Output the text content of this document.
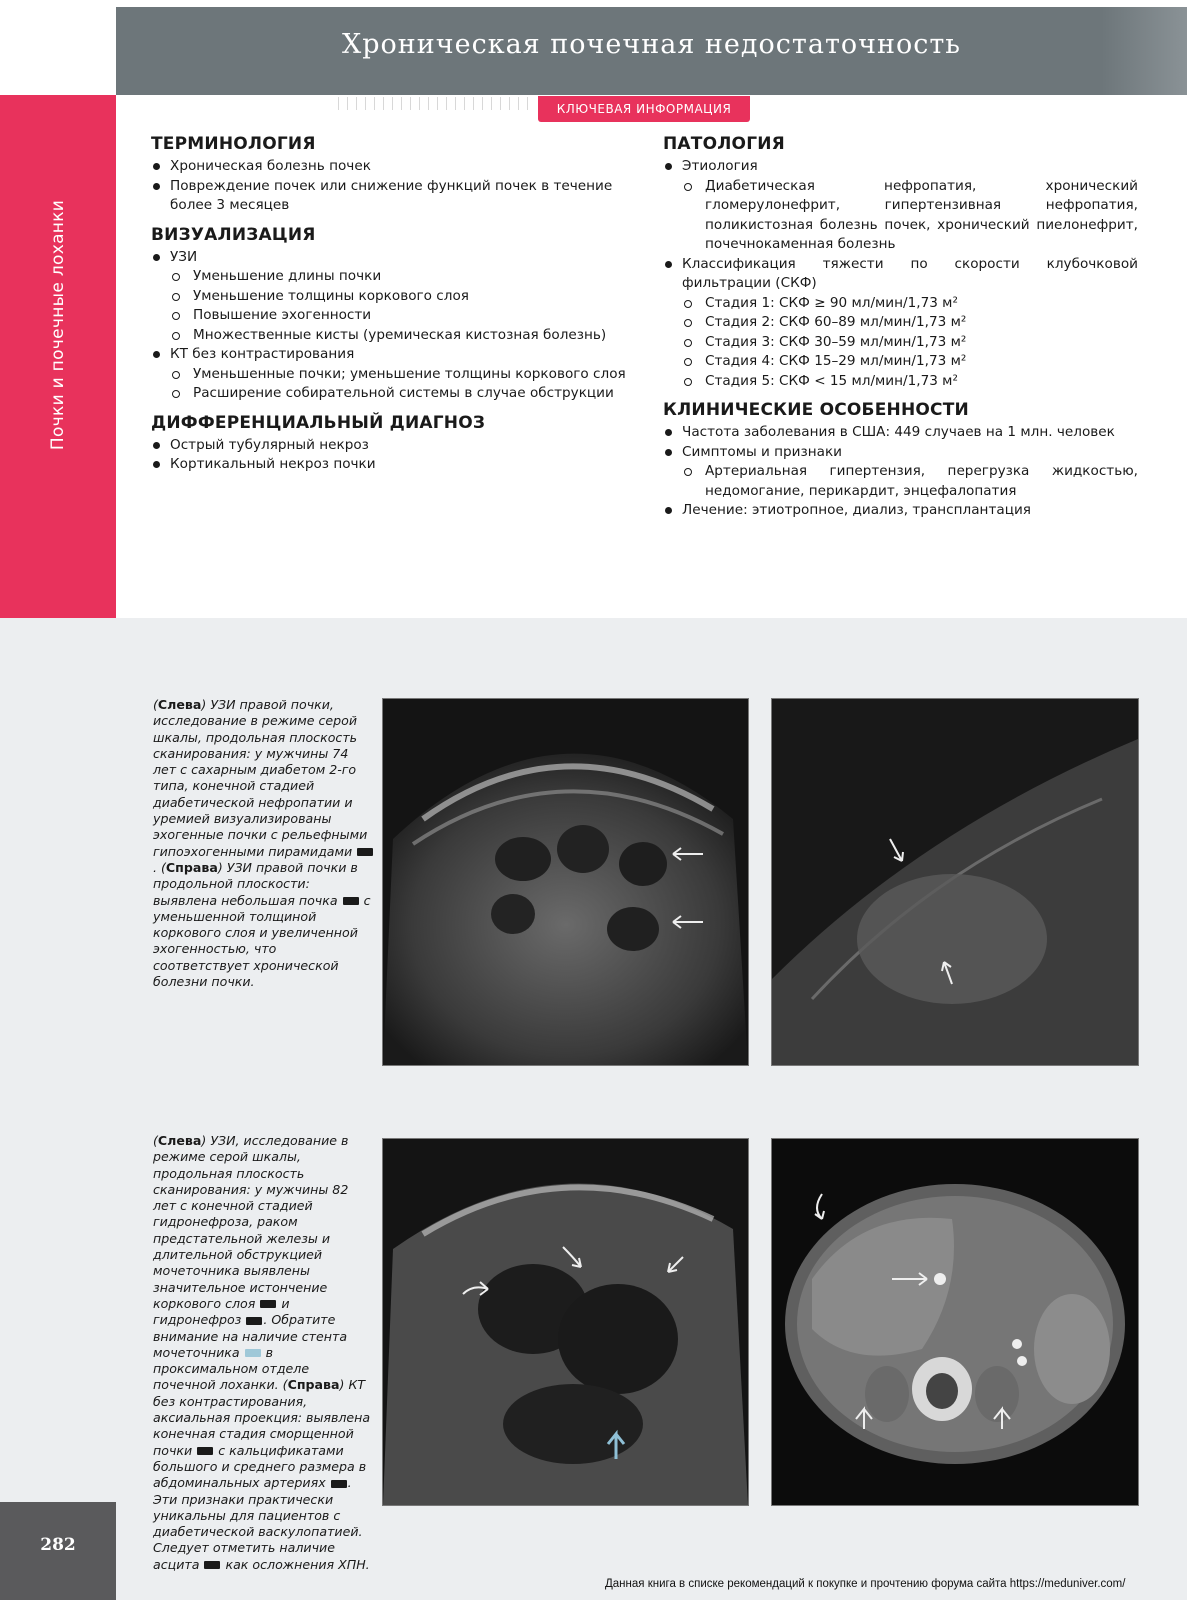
Хроническая почечная недостаточность
Почки и почечные лоханки
КЛЮЧЕВАЯ ИНФОРМАЦИЯ
ТЕРМИНОЛОГИЯ
Хроническая болезнь почек
Повреждение почек или снижение функций почек в течение более 3 месяцев
ВИЗУАЛИЗАЦИЯ
УЗИ
Уменьшение длины почки
Уменьшение толщины коркового слоя
Повышение эхогенности
Множественные кисты (уремическая кистозная болезнь)
КТ без контрастирования
Уменьшенные почки; уменьшение толщины коркового слоя
Расширение собирательной системы в случае обструкции
ДИФФЕРЕНЦИАЛЬНЫЙ ДИАГНОЗ
Острый тубулярный некроз
Кортикальный некроз почки
ПАТОЛОГИЯ
Этиология
Диабетическая нефропатия, хронический гломерулонефрит, гипертензивная нефропатия, поликистозная болезнь почек, хронический пиелонефрит, почечнокаменная болезнь
Классификация тяжести по скорости клубочковой фильтрации (СКФ)
Стадия 1: СКФ ≥ 90 мл/мин/1,73 м²
Стадия 2: СКФ 60–89 мл/мин/1,73 м²
Стадия 3: СКФ 30–59 мл/мин/1,73 м²
Стадия 4: СКФ 15–29 мл/мин/1,73 м²
Стадия 5: СКФ < 15 мл/мин/1,73 м²
КЛИНИЧЕСКИЕ ОСОБЕННОСТИ
Частота заболевания в США: 449 случаев на 1 млн. человек
Симптомы и признаки
Артериальная гипертензия, перегрузка жидкостью, недомогание, перикардит, энцефалопатия
Лечение: этиотропное, диализ, трансплантация
(Слева) УЗИ правой почки, исследование в режиме серой шкалы, продольная плоскость сканирования: у мужчины 74 лет с сахарным диабетом 2-го типа, конечной стадией диабетической нефропатии и уремией визуализированы эхогенные почки с рельефными гипоэхогенными пирамидами . (Справа) УЗИ правой почки в продольной плоскости: выявлена небольшая почка  с уменьшенной толщиной коркового слоя и увеличенной эхогенностью, что соответствует хронической болезни почки.
(Слева) УЗИ, исследование в режиме серой шкалы, продольная плоскость сканирования: у мужчины 82 лет с конечной стадией гидронефроза, раком предстательной железы и длительной обструкцией мочеточника выявлены значительное истончение коркового слоя  и гидронефроз . Обратите внимание на наличие стента мочеточника  в проксимальном отделе почечной лоханки. (Справа) КТ без контрастирования, аксиальная проекция: выявлена конечная стадия сморщенной почки  с кальцификатами большого и среднего размера в абдоминальных артериях . Эти признаки практически уникальны для пациентов с диабетической васкулопатией. Следует отметить наличие асцита  как осложнения ХПН.
282
Данная книга в списке рекомендаций к покупке и прочтению форума сайта https://meduniver.com/
